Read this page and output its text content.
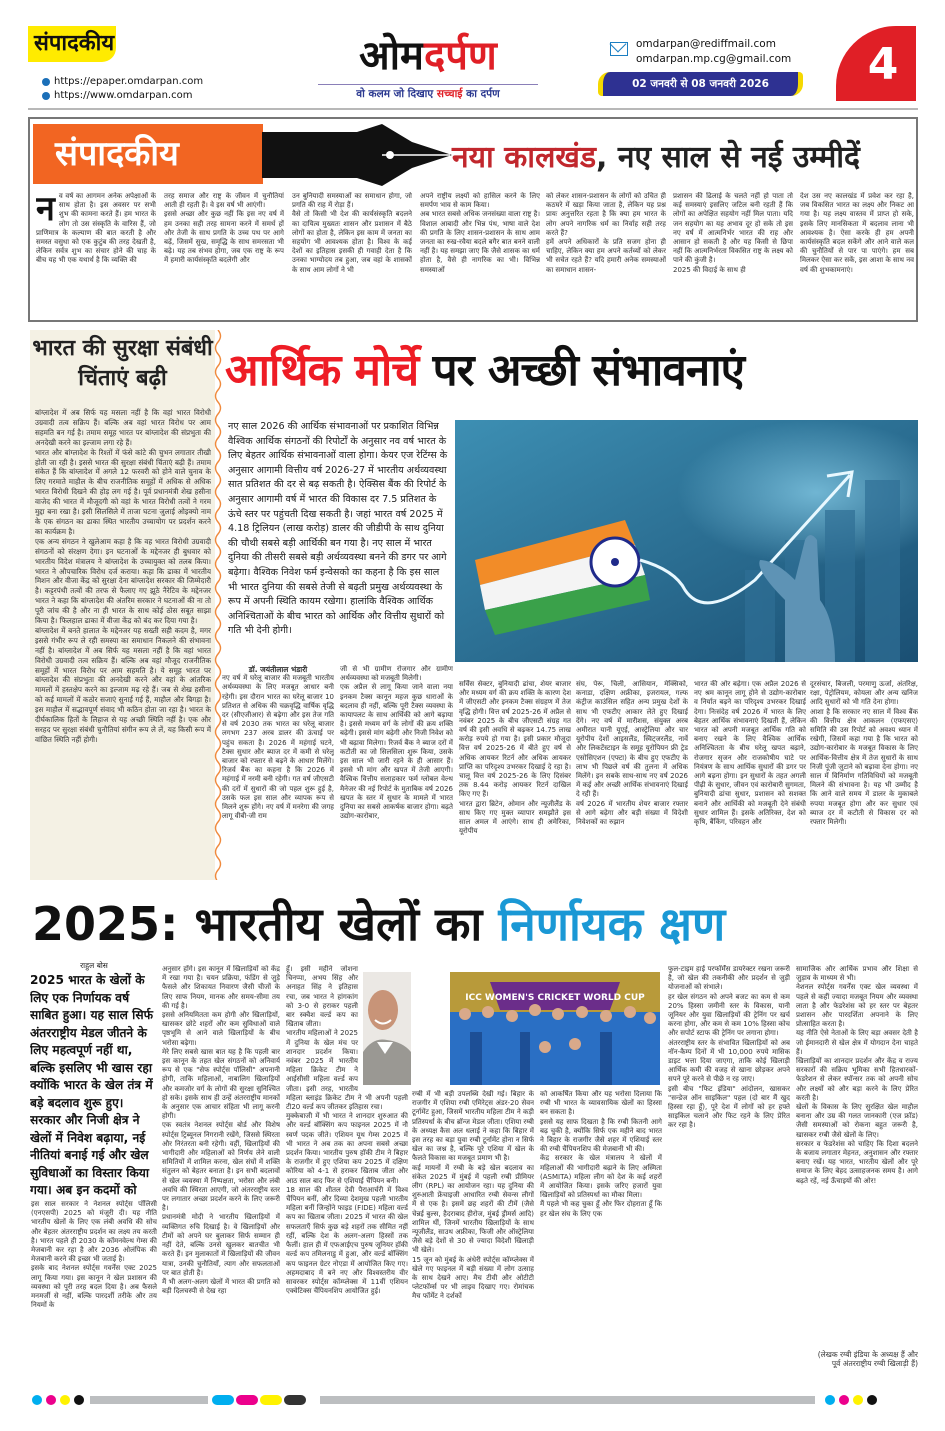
संपादकीय
https://epaper.omdarpan.com
https://www.omdarpan.com
ओमदर्पण
वो कलम जो दिखाए सच्चाई का दर्पण
omdarpan@rediffmail.com
omdarpan.mp.cg@gmail.com
02 जनवरी से 08 जनवरी 2026	4
संपादकीय	नया कालखंड, नए साल से नई उम्मीदें
नव वर्ष का आगमन अनेक अपेक्षाओं के साथ होता है। इस अवसर पर सभी शुभ की कामना करते हैं। हम भारत के लोग तो उस संस्कृति के वारिस हैं, जो प्राणिमात्र के कल्याण की बात करती है और समस्त वसुधा को एक कुटुंब की तरह देखती है, लेकिन सर्वत्र शुभ का संचार होने की चाह के बीच यह भी एक यथार्थ है कि व्यक्ति की
तरह समाज और राष्ट्र के जीवन में चुनौतियां आती ही रहती हैं। वे इस वर्ष भी आएंगी।
इससे अच्छा और कुछ नहीं कि इस नए वर्ष में हम उनका सही तरह सामना करने में समर्थ हों और तेजी के साथ प्रगति के उच्च पथ पर आगे बढ़ें, जिसमें सुख, समृद्धि के साथ समरसता भी बढ़े। यह तब संभव होगा, जब एक राष्ट्र के रूप में हमारी कार्यसंस्कृति बदलेगी और
उन बुनियादी समस्याओं का समाधान होगा, जो प्रगति की राह में रोड़ा हैं।
वैसे तो किसी भी देश की कार्यसंस्कृति बदलने का दायित्व मुख्यतः शासन और प्रशासन में बैठे लोगों का होता है, लेकिन इस काम में जनता का सहयोग भी आवश्यक होता है। विश्व के कई देशों का इतिहास इसकी ही गवाही देता है कि उनका भाग्योदय तब हुआ, जब वहां के शासकों के साथ आम लोगों ने भी
अपने राष्ट्रीय लक्ष्यों को हासिल करने के लिए समर्पण भाव से काम किया।
अब भारत सबसे अधिक जनसंख्या वाला राष्ट्र है। विशाल आबादी और भिन्न पंथ, भाषा वाले देश की प्रगति के लिए शासन-प्रशासन के साथ आम जनता का रुख-रवैया बदले बगैर बात बनने वाली नहीं है। यह समझा जाए कि जैसे शासक का धर्म होता है, वैसे ही नागरिक का भी। विभिन्न समस्याओं
को लेकर शासन-प्रशासन के लोगों को उचित ही कठघरे में खड़ा किया जाता है, लेकिन यह प्रश्न प्रायः अनुत्तरित रहता है कि क्या हम भारत के लोग अपने नागरिक धर्म का निर्वाह सही तरह करते हैं?
हमें अपने अधिकारों के प्रति सजग होना ही चाहिए, लेकिन क्या हम अपने कर्तव्यों को लेकर भी सचेत रहते हैं? यदि हमारी अनेक समस्याओं का समाधान शासन-
प्रशासन की ढिलाई के चलते नहीं हो पाता तो कई समस्याएं इसलिए जटिल बनी रहती हैं कि लोगों का अपेक्षित सहयोग नहीं मिल पाता। यदि जन सहयोग का यह अभाव दूर हो सके तो इस नए वर्ष में आत्मनिर्भर भारत की राह और आसान हो सकती है और यह किसी से छिपा नहीं कि आत्मनिर्भरता विकसित राष्ट्र के लक्ष्य को पाने की कुंजी है।
2025 की विदाई के साथ ही
देश उस नए कालखंड में प्रवेश कर रहा है, जब विकसित भारत का लक्ष्य और निकट आ गया है। यह लक्ष्य वास्तव में प्राप्त हो सके, इसके लिए मानसिकता में बदलाव लाना भी आवश्यक है। ऐसा करके ही हम अपनी कार्यसंस्कृति बदल सकेंगे और आने वाले कल की चुनौतियों से पार पा पाएंगे। हम सब मिलकर ऐसा कर सकें, इस आशा के साथ नव वर्ष की शुभकामनाएं।
भारत की सुरक्षा संबंधी चिंताएं बढ़ी
बांग्लादेश में अब सिर्फ यह मसला नहीं है कि वहां भारत विरोधी उग्रवादी तत्व सक्रिय हैं। बल्कि अब वहां भारत विरोध पर आम सहमति बन गई है। तमाम समूह भारत पर बांग्लादेश की संप्रभुता की अनदेखी करने का इल्जाम लगा रहे हैं।
भारत और बांग्लादेश के रिश्तों में फंसे कांटे की चुभन लगातार तीखी होती जा रही है। इससे भारत की सुरक्षा संबंधी चिंताएं बढ़ी हैं। तमाम संकेत हैं कि बांग्लादेश में अगले 12 फरवरी को होने वाले चुनाव के लिए गरमाते माहौल के बीच राजनीतिक समूहों में अधिक से अधिक भारत विरोधी दिखने की होड़ लग गई है। पूर्व प्रधानमंत्री शेख हसीना वाजेद की भारत में मौजूदगी को वहां के भारत विरोधी तत्वों ने गरम मुद्दा बना रखा है। इसी सिलसिले में ताजा घटना जुलाई ओइक्यो नाम के एक संगठन का ढाका स्थित भारतीय उच्चायोग पर प्रदर्शन करने का कार्यक्रम है।
एक अन्य संगठन ने खुलेआम कहा है कि वह भारत विरोधी उग्रवादी संगठनों को संरक्षण देगा। इन घटनाओं के मद्देनजर ही बुधवार को भारतीय विदेश मंत्रालय ने बांग्लादेश के उच्चायुक्त को तलब किया। भारत ने औपचारिक विरोध दर्ज कराया। कहा कि ढाका में भारतीय मिशन और वीजा केंद्र को सुरक्षा देना बांग्लादेश सरकार की जिम्मेदारी है। कट्टरपंथी तत्वों की तरफ से फैलाए गए झूठे नैरेटिव के मद्देनजर भारत ने कहा कि बांग्लादेश की अंतरिम सरकार ने घटनाओं की ना तो पूरी जांच की है और ना ही भारत के साथ कोई ठोस सबूत साझा किया है। फिलहाल ढाका में वीजा केंद्र को बंद कर दिया गया है।
बांग्लादेश में बनते हालात के मद्देनजर यह सख्ती सही कदम है, मगर इससे गंभीर रूप ले रही समस्या का समाधान निकलने की संभावना नहीं है। बांग्लादेश में अब सिर्फ यह मसला नहीं है कि वहां भारत विरोधी उग्रवादी तत्व सक्रिय हैं। बल्कि अब वहां मौजूद राजनीतिक समूहों में भारत विरोध पर आम सहमति है। ये समूह भारत पर बांग्लादेश की संप्रभुता की अनदेखी करने और वहां के आंतरिक मामलों में हस्तक्षेप करने का इल्जाम मढ़ रहे हैं। जब से शेख हसीना को कई मामलों में कठोर सजाएं सुनाई गई हैं, माहौल और बिगड़ा है। इस माहौल में सद्भावपूर्ण संवाद भी कठिन होता जा रहा है। भारत के दीर्घकालिक हितों के लिहाज से यह अच्छी स्थिति नहीं है। एक और सरहद पर सुरक्षा संबंधी चुनौतियां संगीन रूप ले लें, यह किसी रूप में वांछित स्थिति नहीं होगी।
आर्थिक मोर्चे पर अच्छी संभावनाएं
नए साल 2026 की आर्थिक संभावनाओं पर प्रकाशित विभिन्न वैश्विक आर्थिक संगठनों की रिपोर्टों के अनुसार नव वर्ष भारत के लिए बेहतर आर्थिक संभावनाओं वाला होगा। केयर एज रेटिंग्स के अनुसार आगामी वित्तीय वर्ष 2026-27 में भारतीय अर्थव्यवस्था सात प्रतिशत की दर से बढ़ सकती है। ऐक्सिस बैंक की रिपोर्ट के अनुसार आगामी वर्ष में भारत की विकास दर 7.5 प्रतिशत के ऊंचे स्तर पर पहुंचती दिख सकती है। जहां भारत वर्ष 2025 में 4.18 ट्रिलियन (लाख करोड़) डालर की जीडीपी के साथ दुनिया की चौथी सबसे बड़ी आर्थिकी बन गया है। नए साल में भारत दुनिया की तीसरी सबसे बड़ी अर्थव्यवस्था बनने की डगर पर आगे बढ़ेगा। वैश्विक निवेश फर्म इन्वेसको का कहना है कि इस साल भी भारत दुनिया की सबसे तेजी से बढ़ती प्रमुख अर्थव्यवस्था के रूप में अपनी स्थिति कायम रखेगा। हालांकि वैश्विक आर्थिक अनिश्चिताओं के बीच भारत को आर्थिक और वित्तीय सुधारों को गति भी देनी होगी।
डॉ. जयंतीलाल भंडारी
नए वर्ष में घरेलू बाजार की मजबूती भारतीय अर्थव्यवस्था के लिए मजबूत आधार बनी रहेगी। इस दौरान भारत का घरेलू बाजार 10 प्रतिशत से अधिक की चक्रवृद्धि वार्षिक वृद्धि दर (सीएजीआर) से बढ़ेगा और इस तेज गति से वर्ष 2030 तक भारत का घरेलू बाजार लगभग 237 अरब डालर की ऊंचाई पर पहुंच सकता है। 2026 में महंगाई घटने, टैक्स सुधार और ब्याज दर में कमी से घरेलू बाजार को रफ्तार से बढ़ने के आधार मिलेंगे। रिजर्व बैंक का कहना है कि 2026 में महंगाई में नरमी बनी रहेगी। गत वर्ष जीएसटी की दरों में सुधारों की जो पहल शुरू हुई है, उसके फल इस साल और व्यापक रूप से मिलने शुरू होंगे। नए वर्ष में मनरेगा की जगह लागू वीबी-जी राम
जी से भी ग्रामीण रोजगार और ग्रामीण अर्थव्यवस्था को मजबूती मिलेगी।
एक अप्रैल से लागू किया जाने वाला नया इनकम टैक्स कानून महज कुछ धाराओं के बदलाव ही नहीं, बल्कि पूरी टैक्स व्यवस्था के कायापलट के साथ आर्थिकी को आगे बढ़ाया है। इससे मध्यम वर्ग के लोगों की क्रय शक्ति बढ़ेगी। इससे मांग बढ़ेगी और निजी निवेश को भी बढ़ावा मिलेगा। रिजर्व बैंक ने ब्याज दरों में कटौती का जो सिलसिला शुरू किया, उसके इस साल भी जारी रहने के ही आसार हैं। इससे भी मांग और खपत में तेजी आएगी। वैश्विक वित्तीय सलाहकार फर्म ग्लोबल वेल्थ मैनेजर की नई रिपोर्ट के मुताबिक वर्ष 2026 खपत के स्तर में सुधार के मामले में भारत दुनिया का सबसे आकर्षक बाजार होगा। बढ़ते उद्योग-कारोबार,
सर्विस सेक्टर, बुनियादी ढांचा, शेयर बाजार और मध्यम वर्ग की क्रय शक्ति के कारण देश में जीएसटी और इनकम टैक्स संग्रहण में तेज वृद्धि होगी। वित्त वर्ष 2025-26 में अप्रैल से नवंबर 2025 के बीच जीएसटी संग्रह गत वर्ष की इसी अवधि से बढ़कर 14.75 लाख करोड़ रुपये हो गया है। इसी प्रकार मौजूदा वित्त वर्ष 2025-26 में बीते हुए वर्ष से अधिक आयकर रिटर्न और अधिक आयकर प्राप्ति का परिदृश्य उभरकर दिखाई दे रहा है। चालू वित्त वर्ष 2025-26 के लिए दिसंबर तक 8.44 करोड़ आयकर रिटर्न दाखिल किए गए हैं।
भारत द्वारा ब्रिटेन, ओमान और न्यूजीलैंड के साथ किए गए मुक्त व्यापार समझौते इस साल अमल में आएंगे। साथ ही अमेरिका, यूरोपीय
संघ, पेरू, चिली, आसियान, मेक्सिको, कनाडा, दक्षिण अफ्रीका, इजरायल, गल्फ कंट्रीज काउंसिल सहित अन्य प्रमुख देशों के साथ भी एफटीए आकार लेते हुए दिखाई देंगे। नए वर्ष में मारीशस, संयुक्त अरब अमीरात यानी यूएई, आस्ट्रेलिया और चार यूरोपीय देशों आइसलैंड, स्विट्जरलैंड, नार्वे और लिकटेंस्टाइन के समूह यूरोपियन फ्री ट्रेड एसोसिएशन (एफ्टा) के बीच हुए एफटीए के लाभ भी पिछले वर्ष की तुलना में अधिक मिलेंगे। इन सबके साथ-साथ नए वर्ष 2026 में कई और अच्छी आर्थिक संभावनाएं दिखाई दे रही हैं।
वर्ष 2026 में भारतीय शेयर बाजार रफ्तार से आगे बढ़ेगा और बड़ी संख्या में विदेशी निवेशकों का रुझान
भारत की ओर बढ़ेगा। एक अप्रैल 2026 से नए श्रम कानून लागू होने से उद्योग-कारोबार व निर्यात बढ़ने का परिदृश्य उभरकर दिखाई देगा। निःसंदेह वर्ष 2026 में भारत के लिए बेहतर आर्थिक संभावनाएं दिखती हैं, लेकिन भारत को अपनी मजबूत आर्थिक गति को बनाए रखने के लिए वैश्विक आर्थिक अनिश्चितता के बीच घरेलू खपत बढ़ाने, रोजगार सृजन और राजकोषीय घाटे पर नियंत्रण के साथ आर्थिक सुधारों की डगर पर आगे बढ़ना होगा। इन सुधारों के तहत अगली पीढ़ी के सुधार, जीवन एवं कारोबारी सुगमता, बुनियादी ढांचा सुधार, प्रशासन को सशक्त बनाने और आर्थिकी को मजबूती देने संबंधी सुधार शामिल हैं। इसके अतिरिक्त, देश को कृषि, बैंकिंग, परिवहन और
दूरसंचार, बिजली, परमाणु ऊर्जा, अंतरिक्ष, रक्षा, पेट्रोलियम, कोयला और अन्य खनिज आदि सुधारों को भी गति देना होगा।
आशा है कि सरकार नए साल में विश्व बैंक की वित्तीय क्षेत्र आकलन (एफएसए) समिति की उस रिपोर्ट को अवश्य ध्यान में रखेगी, जिसमें कहा गया है कि भारत को उद्योग-कारोबार के मजबूत विकास के लिए आर्थिक-वित्तीय क्षेत्र में तेज सुधारों के साथ निजी पूंजी जुटाने को बढ़ावा देना होगा। नए साल में विनिर्माण गतिविधियों को मजबूती मिलने की संभावना है। यह भी उम्मीद है कि आने वाले समय में डालर के मुकाबले रुपया मजबूत होगा और कर सुधार एवं ब्याज दर में कटौती से विकास दर को रफ्तार मिलेगी।
2025: भारतीय खेलों का निर्णायक क्षण
राहुल बोस
2025 भारत के खेलों के लिए एक निर्णायक वर्ष साबित हुआ। यह साल सिर्फ अंतरराष्ट्रीय मेडल जीतने के लिए महत्वपूर्ण नहीं था, बल्कि इसलिए भी खास रहा क्योंकि भारत के खेल तंत्र में बड़े बदलाव शुरू हुए। सरकार और निजी क्षेत्र ने खेलों में निवेश बढ़ाया, नई नीतियां बनाई गई और खेल सुविधाओं का विस्तार किया गया। अब इन कदमों को
इस साल सरकार ने नेशनल स्पोर्ट्स पॉलिसी (एनएसपी) 2025 को मंजूरी दी। यह नीति भारतीय खेलों के लिए एक लंबी अवधि की सोच और बेहतर अंतरराष्ट्रीय प्रदर्शन का लक्ष्य तय करती है। भारत पहले ही 2030 के कॉमनवेल्थ गेम्स की मेजबानी कर रहा है और 2036 ओलंपिक की मेजबानी करने की इच्छा भी जताई है।
इसके बाद नेशनल स्पोर्ट्स गवर्नेंस एक्ट 2025 लागू किया गया। इस कानून ने खेल प्रशासन की व्यवस्था को पूरी तरह बदल दिया है। अब फैसले मनमर्जी से नहीं, बल्कि पारदर्शी तरीके और तय नियमों के
अनुसार होंगे। इस कानून में खिलाड़ियों को केंद्र में रखा गया है। चयन प्रक्रिया, फंडिंग से जुड़े फैसले और शिकायत निवारण जैसी चीजों के लिए साफ नियम, मानक और समय-सीमा तय की गई है।
इससे अनियमितता कम होगी और खिलाड़ियों, खासकर छोटे शहरों और कम सुविधाओं वाले पृष्ठभूमि से आने वाले खिलाड़ियों के बीच भरोसा बढ़ेगा।
मेरे लिए सबसे खास बात यह है कि पहली बार इस कानून के तहत खेल संगठनों को अनिवार्य रूप से एक "सेफ स्पोर्ट्स पॉलिसी" अपनानी होगी, ताकि महिलाओं, नाबालिग खिलाड़ियों और कमजोर वर्ग के लोगों की सुरक्षा सुनिश्चित हो सके। इसके साथ ही उन्हें अंतरराष्ट्रीय मानकों के अनुसार एक आचार संहिता भी लागू करनी होगी।
एक स्वतंत्र नेशनल स्पोर्ट्स बोर्ड और विशेष स्पोर्ट्स ट्रिब्यूनल निगरानी रखेंगे, जिससे स्थिरता और निरंतरता बनी रहेगी। वहीं, खिलाड़ियों की भागीदारी और महिलाओं को निर्णय लेने वाली समितियों में शामिल करना, खेल संघों में शक्ति संतुलन को बेहतर बनाता है। इन सभी बदलावों से खेल व्यवस्था में निष्पक्षता, भरोसा और लंबी अवधि की स्थिरता आएगी, जो अंतरराष्ट्रीय स्तर पर लगातार अच्छा प्रदर्शन करने के लिए जरूरी है।
प्रधानमंत्री मोदी ने भारतीय खिलाड़ियों में व्यक्तिगत रुचि दिखाई है। वे खिलाड़ियों और टीमों को अपने घर बुलाकर सिर्फ सम्मान ही नहीं देते, बल्कि उनसे खुलकर बातचीत भी करते हैं। इन मुलाकातों में खिलाड़ियों की जीवन यात्रा, उनकी चुनौतियाँ, त्याग और सफलताओं पर बात होती है।
मैं भी अलग-अलग खेलों में भारत की प्रगति को बड़ी दिलचस्पी से देख रहा
हूँ। इसी महीने जोशना चिनप्पा, अभय सिंह और अनाहत सिंह ने इतिहास रचा, जब भारत ने हांगकांग को 3-0 से हराकर पहली बार स्क्वैश वर्ल्ड कप का खिताब जीता।
भारतीय महिलाओं ने 2025 में दुनिया के खेल मंच पर शानदार प्रदर्शन किया। नवंबर 2025 में भारतीय महिला क्रिकेट टीम ने आईसीसी महिला वर्ल्ड कप जीता। इसी तरह, भारतीय महिला ब्लाइंड क्रिकेट टीम ने भी अपनी पहली टी20 वर्ल्ड कप जीतकर इतिहास रचा।
मुक्केबाजी में भी भारत ने शानदार शुरुआत की और वर्ल्ड बॉक्सिंग कप फाइनल 2025 में नौ स्वर्ण पदक जीते। एशियन यूथ गेम्स 2025 में भी भारत ने अब तक का अपना सबसे अच्छा प्रदर्शन किया। भारतीय पुरुष हॉकी टीम ने बिहार के राजगीर में हुए एशिया कप 2025 में दक्षिण कोरिया को 4-1 से हराकर खिताब जीता और आठ साल बाद फिर से एशियाई चैंपियन बनी।
18 साल की शीतल देवी पैराआर्चरी में विश्व चैंपियन बनीं, और दिव्या देशमुख पहली भारतीय महिला बनीं जिन्होंने फाइड (FIDE) महिला वर्ल्ड कप का खिताब जीता। 2025 में भारत की खेल सफलताएँ सिर्फ कुछ बड़े शहरों तक सीमित नहीं रहीं, बल्कि देश के अलग-अलग हिस्सों तक फैलीं। हाल ही में एफआईएच पुरुष जूनियर हॉकी वर्ल्ड कप तमिलनाडु में हुआ, और वर्ल्ड बॉक्सिंग कप फाइनल ग्रेटर नोएडा में आयोजित किए गए। अहमदाबाद में बने नए और विश्वस्तरीय वीर सावरकर स्पोर्ट्स कॉम्प्लेक्स में 11वीं एशियन एक्वेटिक्स चैंपियनशिप आयोजित हुई।
रग्बी में भी बड़ी उपलब्धि देखी गई। बिहार के राजगीर में एशिया रग्बी एमिरेट्स अंडर-20 सेवन टूर्नामेंट हुआ, जिसमें भारतीय महिला टीम ने कड़ी प्रतिस्पर्धा के बीच ब्रॉन्ज मेडल जीता। एशिया रग्बी के अध्यक्ष कैस अल धलाई ने कहा कि बिहार में इस तरह का बड़ा युवा रग्बी टूर्नामेंट होना न सिर्फ खेल का जश्न है, बल्कि पूरे एशिया में खेल के फैलते विकास का मजबूत प्रमाण भी है।
कई मायनों में रग्बी के बड़े खेल बदलाव का संकेत 2025 में मुंबई में पहली रग्बी प्रीमियर लीग (RPL) का आयोजन रहा। यह दुनिया की शुरुआती फ्रेंचाइजी आधारित रग्बी सेवन्स लीगों में से एक है। इसमें छह शहरों की टीमें (जैसे चेन्नई बुल्स, हैदराबाद हीरोज, मुंबई ड्रीमर्स आदि) शामिल थीं, जिनमें भारतीय खिलाड़ियों के साथ न्यूजीलैंड, साउथ अफ्रीका, फिजी और ऑस्ट्रेलिया जैसे बड़े देशों से 30 से ज्यादा विदेशी खिलाड़ी भी खेले।
15 जून को मुंबई के अंधेरी स्पोर्ट्स कॉम्प्लेक्स में खेले गए फाइनल में बड़ी संख्या में लोग उत्साह के साथ देखने आए। मैच टीवी और ओटीटी प्लेटफॉर्म्स पर भी लाइव दिखाए गए। रोमांचक मैच फॉर्मेट ने दर्शकों
को आकर्षित किया और यह भरोसा दिलाया कि रग्बी भी भारत के व्यावसायिक खेलों का हिस्सा बन सकता है।
इससे यह साफ दिखता है कि रग्बी कितनी आगे बढ़ चुकी है, क्योंकि सिर्फ एक महीने बाद भारत ने बिहार के राजगीर जैसे शहर में एशियाई स्तर की रग्बी चैंपियनशिप की मेजबानी भी की।
केंद्र सरकार के खेल मंत्रालय ने खेलों में महिलाओं की भागीदारी बढ़ाने के लिए अस्मिता (ASMITA) महिला लीग को देश के कई शहरों में आयोजित किया। इसके जरिए हजारों युवा खिलाड़ियों को प्रतिस्पर्धा का मौका मिला।
मैं पहले भी कह चुका हूँ और फिर दोहराता हूँ कि हर खेल संघ के लिए एक
फुल-टाइम हाई परफॉर्मेंस डायरेक्टर रखना जरूरी है, जो खेल की तकनीकी और प्रदर्शन से जुड़ी योजनाओं को संभाले।
हर खेल संगठन को अपने बजट का कम से कम 20% हिस्सा जमीनी स्तर के विकास, यानी जूनियर और युवा खिलाड़ियों की ट्रेनिंग पर खर्च करना होगा, और कम से कम 10% हिस्सा कोच और सपोर्ट स्टाफ की ट्रेनिंग पर लगाना होगा।
अंतरराष्ट्रीय स्तर के संभावित खिलाड़ियों को अब नॉन-कैम्प दिनों में भी 10,000 रुपये मासिक डाइट भत्ता दिया जाएगा, ताकि कोई खिलाड़ी आर्थिक कमी की वजह से खाना छोड़कर अपने सपने पूरे करने से पीछे न रह जाए।
इसी बीच "फिट इंडिया" आंदोलन, खासकर "सन्डेज ऑन साइकिल" पहल (दो बार मैं खुद हिस्सा रहा हूँ), पूरे देश में लोगों को हर हफ्ते साइकिल चलाने और फिट रहने के लिए प्रेरित कर रहा है।
सामाजिक और आर्थिक प्रभाव और शिक्षा से जुड़ाव के माध्यम से भी।
नेशनल स्पोर्ट्स गवर्नेंस एक्ट खेल व्यवस्था में पहले से कहीं ज्यादा मजबूत नियम और व्यवस्था लाता है और फेडरेशंस को हर स्तर पर बेहतर प्रशासन और पारदर्शिता अपनाने के लिए प्रोत्साहित करता है।
यह नीति ऐसे नेताओं के लिए बड़ा अवसर देती है जो ईमानदारी से खेल क्षेत्र में योगदान देना चाहते हैं।
खिलाड़ियों का शानदार प्रदर्शन और केंद्र व राज्य सरकारों की सक्रिय भूमिका सभी हितधारकों-फेडरेशन से लेकर स्पॉन्सर तक को अपनी सोच और लक्ष्यों को और बड़ा करने के लिए प्रेरित करती है।
खेलों के विकास के लिए सुरक्षित खेल माहौल बनाना और उम्र की गलत जानकारी (एज फ्रॉड) जैसी समस्याओं को रोकना बहुत जरूरी है, खासकर रग्बी जैसे खेलों के लिए।
सरकार व फेडरेशंस को चाहिए कि दिशा बदलने के बजाय लगातार मेहनत, अनुशासन और रफ्तार बनाए रखें। यह भारत, भारतीय खेलों और पूरे समाज के लिए बेहद उत्साहजनक समय है। आगे बढ़ते रहें, नई ऊँचाइयों की ओर!
(लेखक रग्बी इंडिया के अध्यक्ष हैं और पूर्व अंतरराष्ट्रीय रग्बी खिलाड़ी हैं)
ICC WOMEN'S CRICKET WORLD CUP
